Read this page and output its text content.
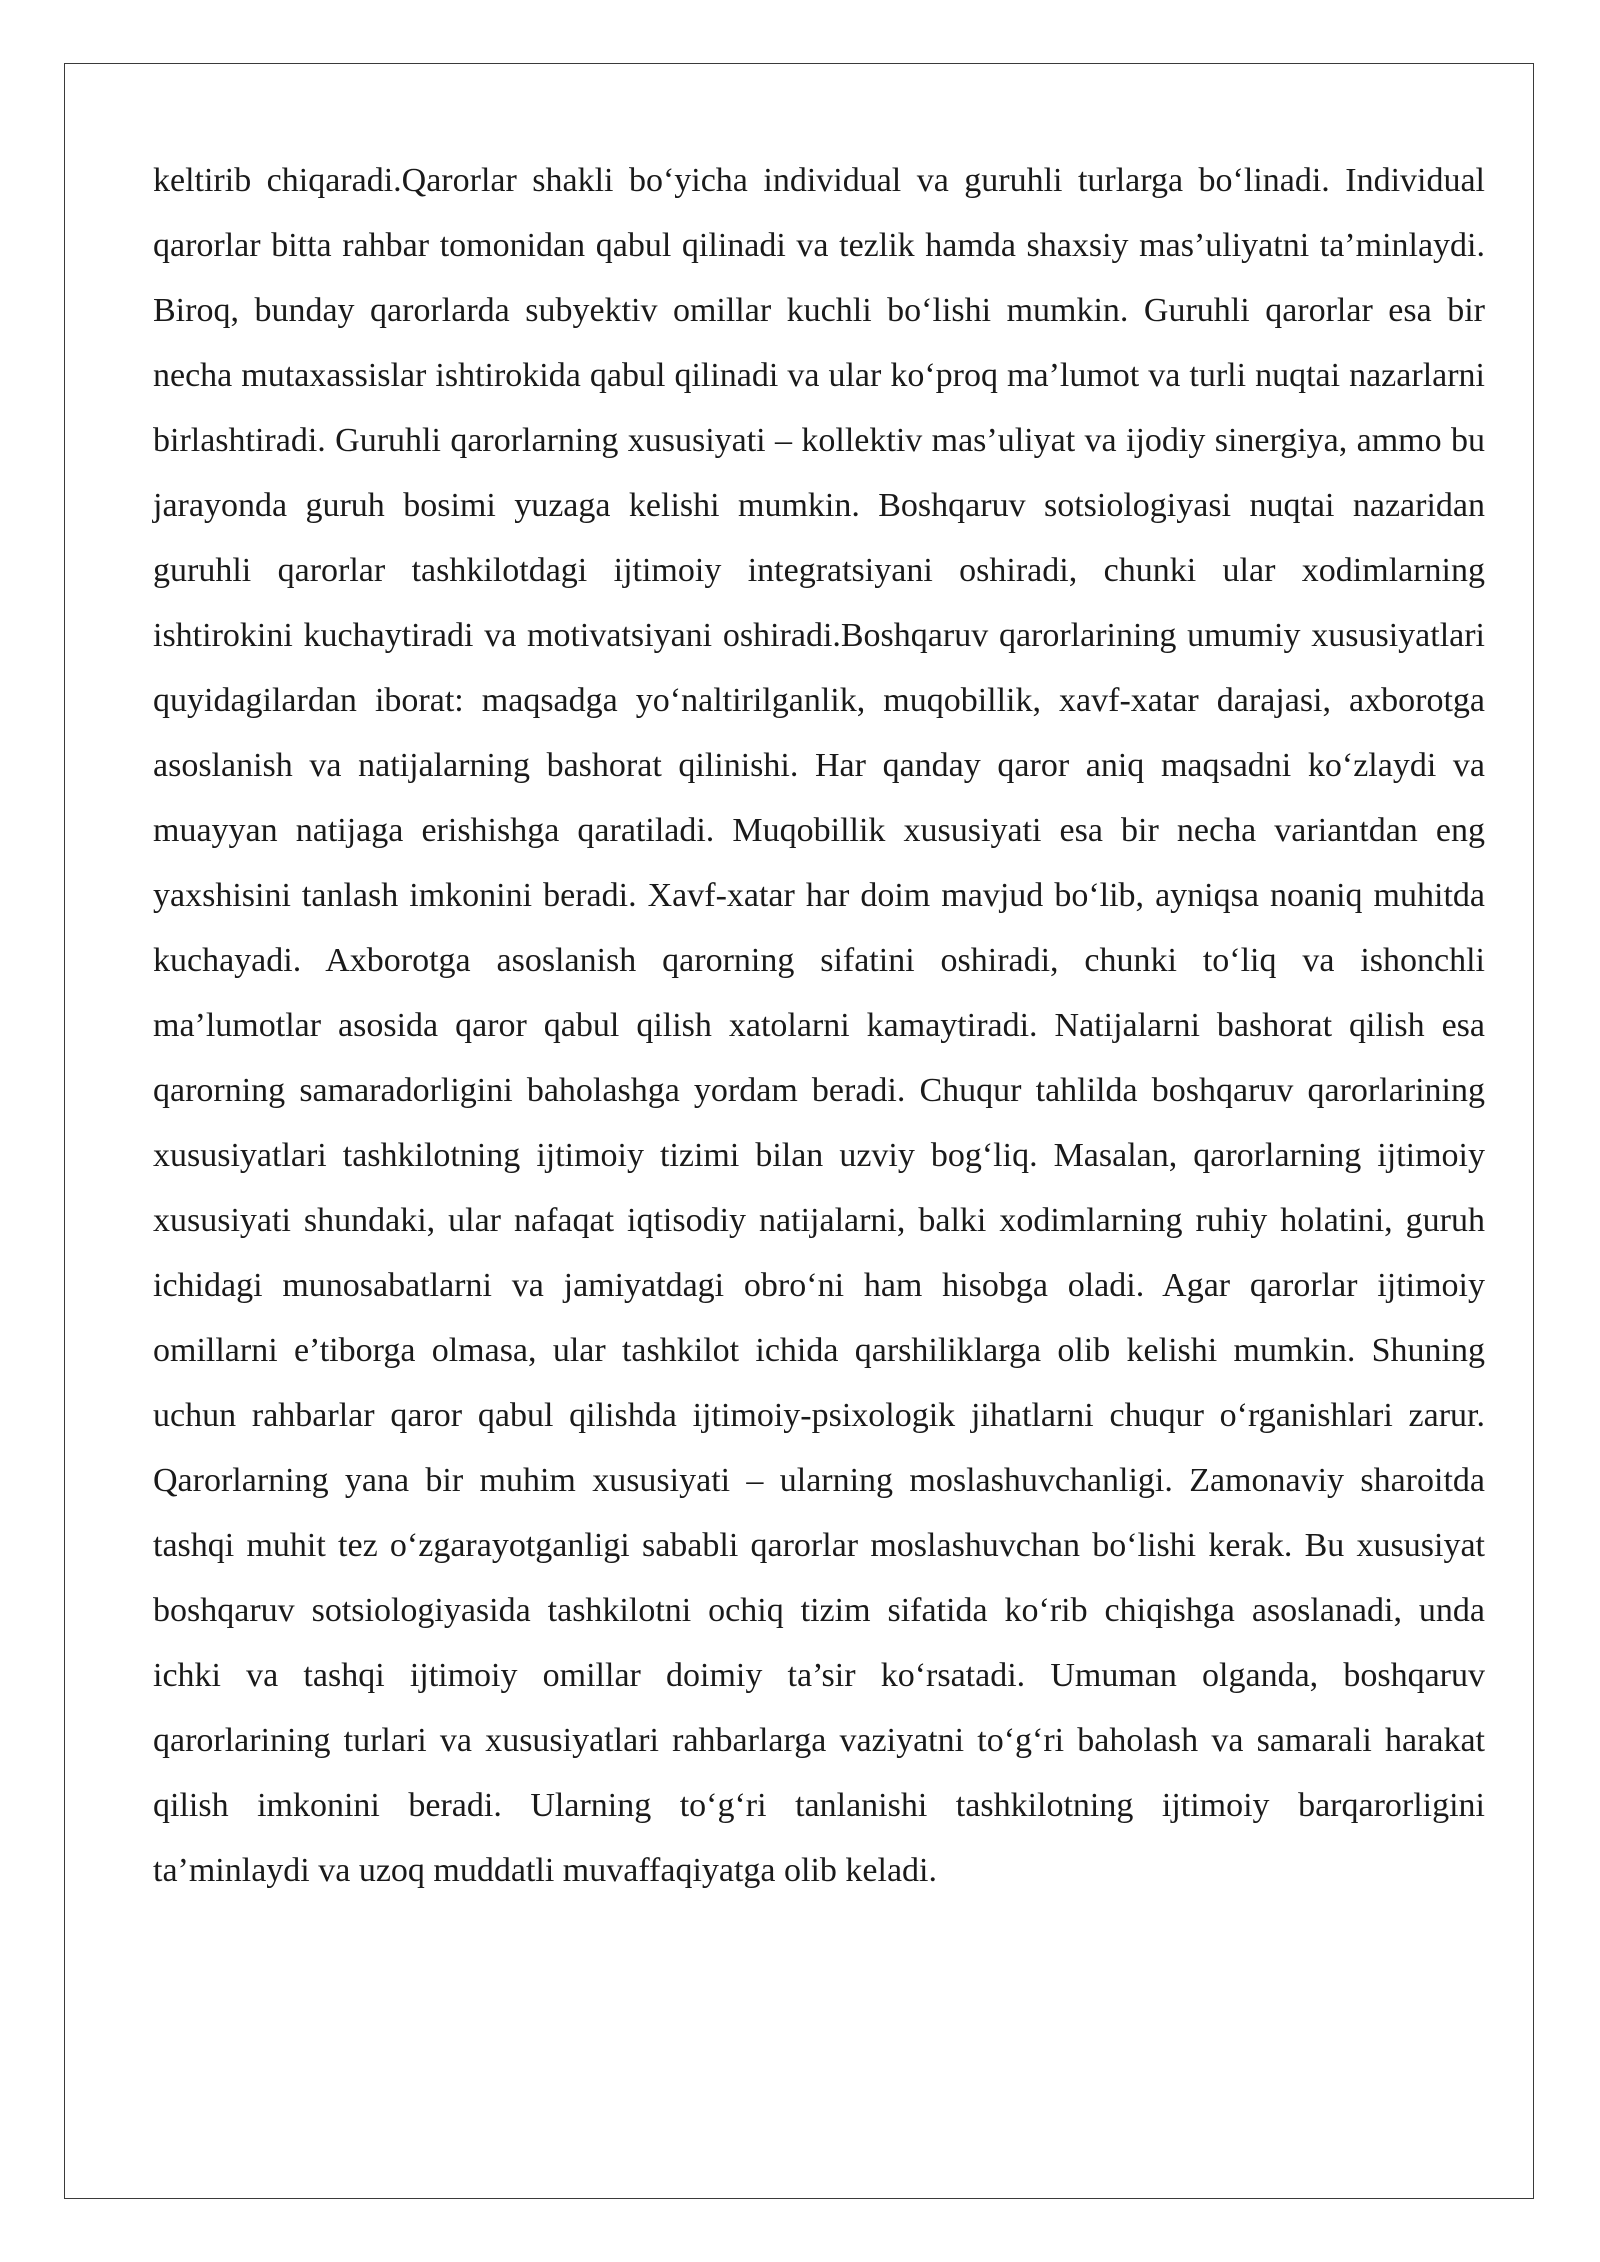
keltirib chiqaradi.Qarorlar shakli bo‘yicha individual va guruhli turlarga bo‘linadi. Individual qarorlar bitta rahbar tomonidan qabul qilinadi va tezlik hamda shaxsiy mas’uliyatni ta’minlaydi. Biroq, bunday qarorlarda subyektiv omillar kuchli bo‘lishi mumkin. Guruhli qarorlar esa bir necha mutaxassislar ishtirokida qabul qilinadi va ular ko‘proq ma’lumot va turli nuqtai nazarlarni birlashtiradi. Guruhli qarorlarning xususiyati – kollektiv mas’uliyat va ijodiy sinergiya, ammo bu jarayonda guruh bosimi yuzaga kelishi mumkin. Boshqaruv sotsiologiyasi nuqtai nazaridan guruhli qarorlar tashkilotdagi ijtimoiy integratsiyani oshiradi, chunki ular xodimlarning ishtirokini kuchaytiradi va motivatsiyani oshiradi.Boshqaruv qarorlarining umumiy xususiyatlari quyidagilardan iborat: maqsadga yo‘naltirilganlik, muqobillik, xavf-xatar darajasi, axborotga asoslanish va natijalarning bashorat qilinishi. Har qanday qaror aniq maqsadni ko‘zlaydi va muayyan natijaga erishishga qaratiladi. Muqobillik xususiyati esa bir necha variantdan eng yaxshisini tanlash imkonini beradi. Xavf-xatar har doim mavjud bo‘lib, ayniqsa noaniq muhitda kuchayadi. Axborotga asoslanish qarorning sifatini oshiradi, chunki to‘liq va ishonchli ma’lumotlar asosida qaror qabul qilish xatolarni kamaytiradi. Natijalarni bashorat qilish esa qarorning samaradorligini baholashga yordam beradi. Chuqur tahlilda boshqaruv qarorlarining xususiyatlari tashkilotning ijtimoiy tizimi bilan uzviy bog‘liq. Masalan, qarorlarning ijtimoiy xususiyati shundaki, ular nafaqat iqtisodiy natijalarni, balki xodimlarning ruhiy holatini, guruh ichidagi munosabatlarni va jamiyatdagi obro‘ni ham hisobga oladi. Agar qarorlar ijtimoiy omillarni e’tiborga olmasa, ular tashkilot ichida qarshiliklarga olib kelishi mumkin. Shuning uchun rahbarlar qaror qabul qilishda ijtimoiy-psixologik jihatlarni chuqur o‘rganishlari zarur. Qarorlarning yana bir muhim xususiyati – ularning moslashuvchanligi. Zamonaviy sharoitda tashqi muhit tez o‘zgarayotganligi sababli qarorlar moslashuvchan bo‘lishi kerak. Bu xususiyat boshqaruv sotsiologiyasida tashkilotni ochiq tizim sifatida ko‘rib chiqishga asoslanadi, unda ichki va tashqi ijtimoiy omillar doimiy ta’sir ko‘rsatadi. Umuman olganda, boshqaruv qarorlarining turlari va xususiyatlari rahbarlarga vaziyatni to‘g‘ri baholash va samarali harakat qilish imkonini beradi. Ularning to‘g‘ri tanlanishi tashkilotning ijtimoiy barqarorligini ta’minlaydi va uzoq muddatli muvaffaqiyatga olib keladi.
